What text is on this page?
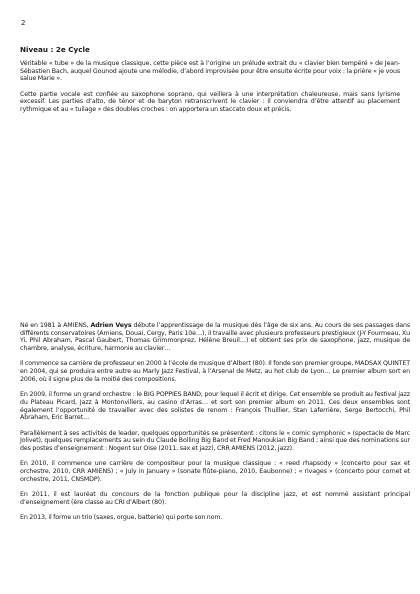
2
Niveau : 2e Cycle

Véritable « tube » de la musique classique, cette pièce est à l’origine un prélude extrait du « clavier bien tempéré » de Jean-Sébastien Bach, auquel Gounod ajoute une mélodie, d’abord improvisée pour être ensuite écrite pour voix : la prière « je vous salue Marie ».

Cette partie vocale est confiée au saxophone soprano, qui veillera à une interprétation chaleureuse, mais sans lyrisme excessif. Les parties d’alto, de ténor et de baryton retranscrivent le clavier : il conviendra d’être attentif au placement rythmique et au « tuilage » des doubles croches : on apportera un staccato doux et précis.

Né en 1981 à AMIENS, Adrien Veys débute l’apprentissage de la musique dès l’âge de six ans. Au cours de ses passages dans différents conservatoires (Amiens, Douai, Cergy, Paris 10e…), il travaille avec plusieurs professeurs prestigieux (J-Y Fourmeau, Xu Yi, Phil Abraham, Pascal Gaubert, Thomas Grimmonprez, Hélène Breuil…) et obtient ses prix de saxophone, jazz, musique de chambre, analyse, écriture, harmonie au clavier…

Il commence sa carrière de professeur en 2000 à l’école de musique d’Albert (80). Il fonde son premier groupe, MADSAX QUINTET en 2004, qui se produira entre autre au Marly Jazz Festival, à l’Arsenal de Metz, au hot club de Lyon… Le premier album sort en 2006, où il signe plus de la moitié des compositions.

En 2009, il forme un grand orchestre : le BIG POPPIES BAND, pour lequel il écrit et dirige. Cet ensemble se produit au festival jazz du Plateau Picard, Jazz à Montonvillers, au casino d’Arras… et sort son premier album en 2011. Ces deux ensembles sont également l’opportunité de travailler avec des solistes de renom : François Thuillier, Stan Laferrière, Serge Bertocchi, Phil Abraham, Eric Barret…

Parallèlement à ses activités de leader, quelques opportunités se présentent : citons le « comic symphonic » (spectacle de Marc Jolivet), quelques remplacements au sein du Claude Bolling Big Band et Fred Manoukian Big Band ; ainsi que des nominations sur des postes d’enseignement : Nogent sur Oise (2011, sax et jazz), CRR AMIENS (2012, jazz).

En 2010, il commence une carrière de compositeur pour la musique classique : « reed rhapsody » (concerto pour sax et orchestre, 2010, CRR AMIENS) ; « July in January » (sonate flûte-piano, 2010, Eaubonne) ; « rivages » (concerto pour cornet et orchestre, 2011, CNSMDP).

En 2011, il est lauréat du concours de la fonction publique pour la discipline jazz, et est nommé assistant principal d’enseignement (ère classe au CRI d’Albert (80).

En 2013, il forme un trio (saxes, orgue, batterie) qui porte son nom.
